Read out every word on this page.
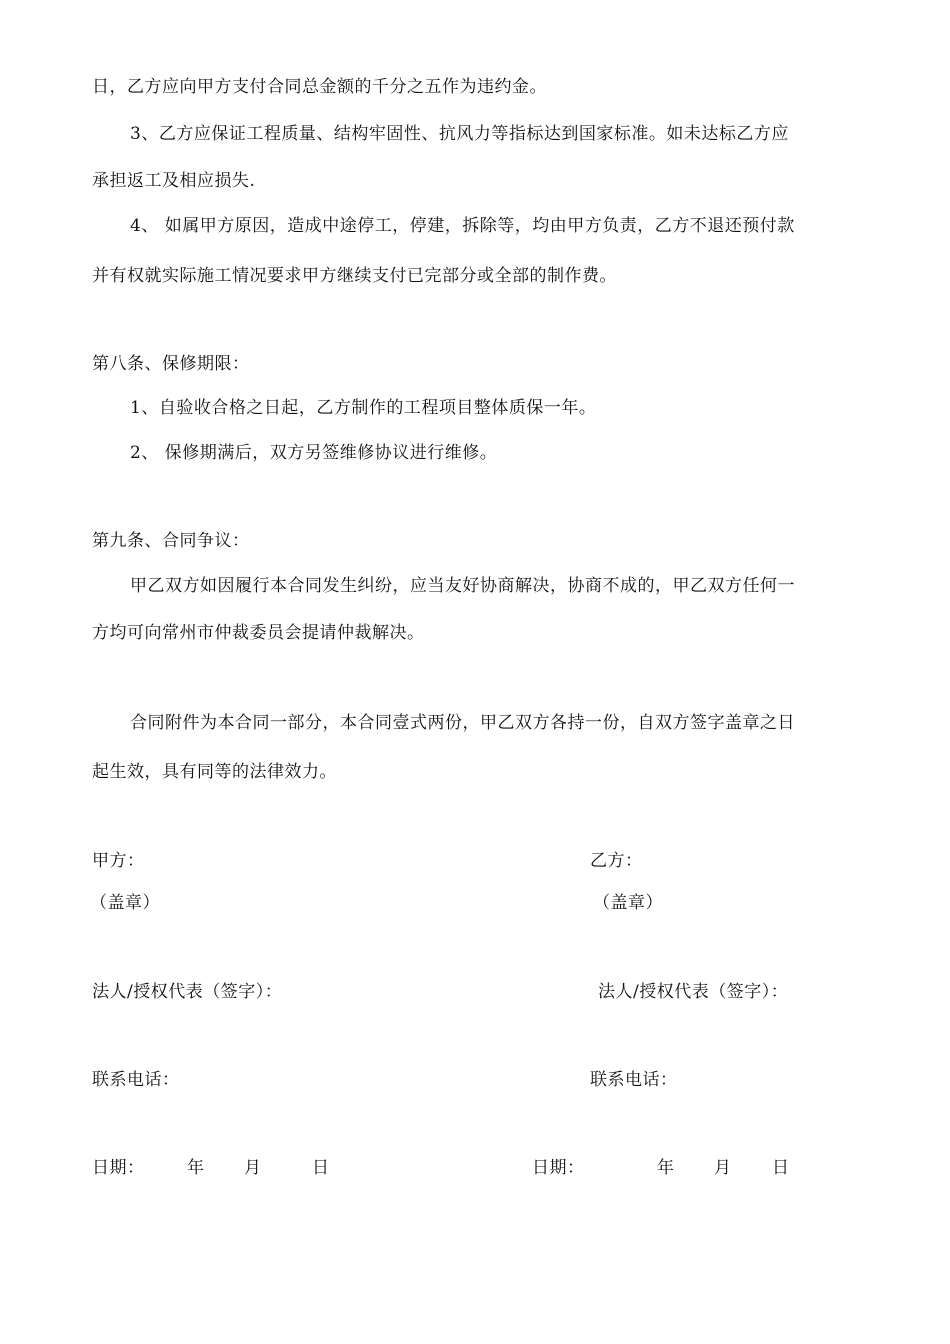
日，乙方应向甲方支付合同总金额的千分之五作为违约金。
3、乙方应保证工程质量、结构牢固性、抗风力等指标达到国家标准。如未达标乙方应
承担返工及相应损失.
4、 如属甲方原因，造成中途停工，停建，拆除等，均由甲方负责，乙方不退还预付款
并有权就实际施工情况要求甲方继续支付已完部分或全部的制作费。
第八条、保修期限：
1、自验收合格之日起，乙方制作的工程项目整体质保一年。
2、 保修期满后，双方另签维修协议进行维修。
第九条、合同争议：
甲乙双方如因履行本合同发生纠纷，应当友好协商解决，协商不成的，甲乙双方任何一
方均可向常州市仲裁委员会提请仲裁解决。
合同附件为本合同一部分，本合同壹式两份，甲乙双方各持一份，自双方签字盖章之日
起生效，具有同等的法律效力。
甲方：
（盖章）
法人/授权代表（签字）：
联系电话：
日期：	年 月	日
乙方：
（盖章）
法人/授权代表（签字）：
联系电话：
日期：	年 月 日
